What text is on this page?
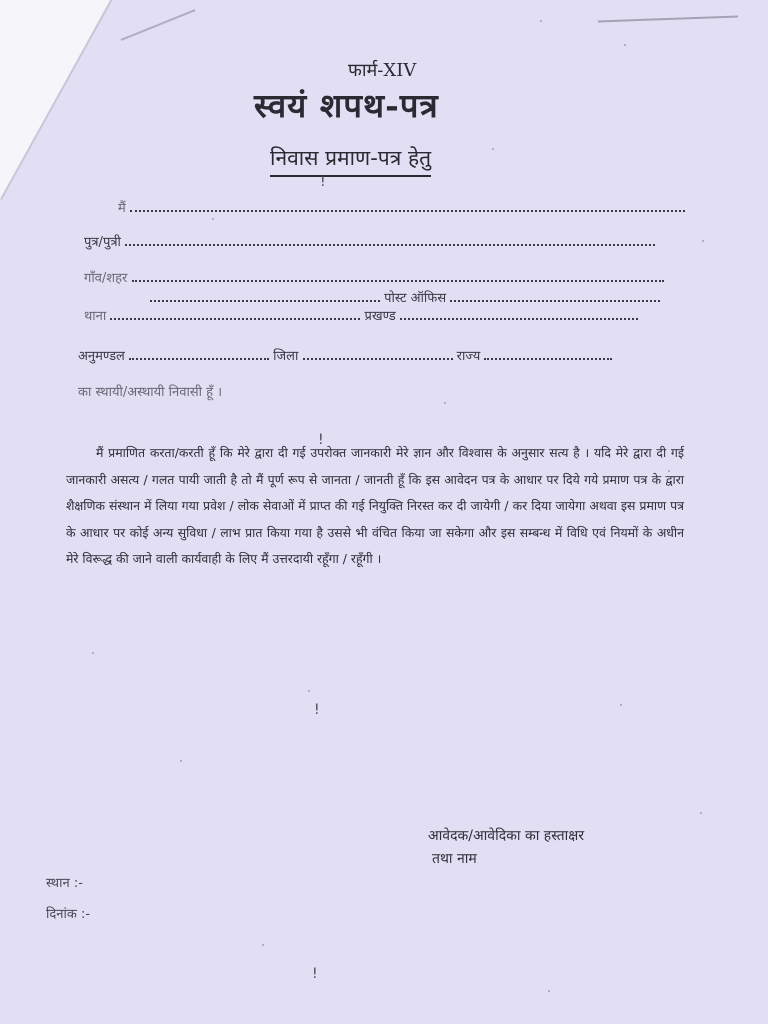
फार्म-XIV
स्वयं शपथ-पत्र
निवास प्रमाण-पत्र हेतु
!
मैं
पुत्र/पुत्री
गाँव/शहर
पोस्ट ऑफिस
थाना	प्रखण्ड
अनुमण्डल	जिला	राज्य
का स्थायी/अस्थायी निवासी हूँ ।
!
मैं प्रमाणित करता/करती हूँ कि मेरे द्वारा दी गई उपरोक्त जानकारी मेरे ज्ञान और विश्वास के अनुसार सत्य है । यदि मेरे द्वारा दी गई जानकारी असत्य / गलत पायी जाती है तो मैं पूर्ण रूप से जानता / जानती हूँ कि इस आवेदन पत्र के आधार पर दिये गये प्रमाण पत्र के द्वारा शैक्षणिक संस्थान में लिया गया प्रवेश / लोक सेवाओं में प्राप्त की गई नियुक्ति निरस्त कर दी जायेगी / कर दिया जायेगा अथवा इस प्रमाण पत्र के आधार पर कोई अन्य सुविधा / लाभ प्रात किया गया है उससे भी वंचित किया जा सकेगा और इस सम्बन्ध में विधि एवं नियमों के अधीन मेरे विरूद्ध की जाने वाली कार्यवाही के लिए मैं उत्तरदायी रहूँगा / रहूँगी ।
!
आवेदक/आवेदिका का हस्ताक्षर
तथा नाम
स्थान :-
दिनांक :-
!
